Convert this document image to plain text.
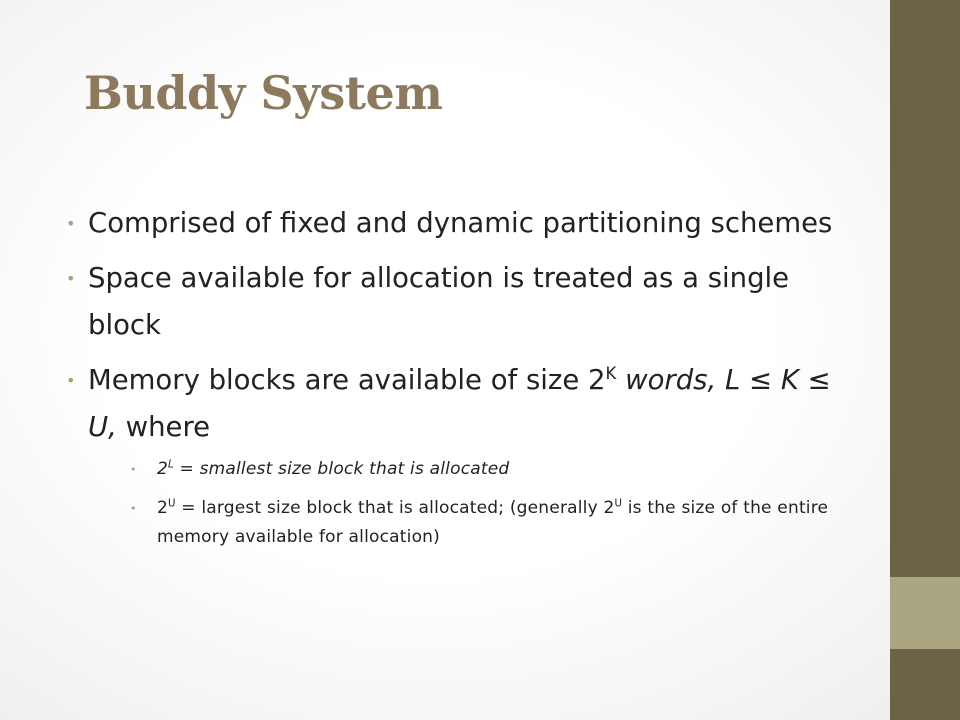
Buddy System
• Comprised of fixed and dynamic partitioning schemes
• Space available for allocation is treated as a single block
• Memory blocks are available of size $2^K$ words, L ≤ K ≤ U, where
• $2^L$ = smallest size block that is allocated
• $2^U$ = largest size block that is allocated; (generally $2^U$ is the size of the entire memory available for allocation)
